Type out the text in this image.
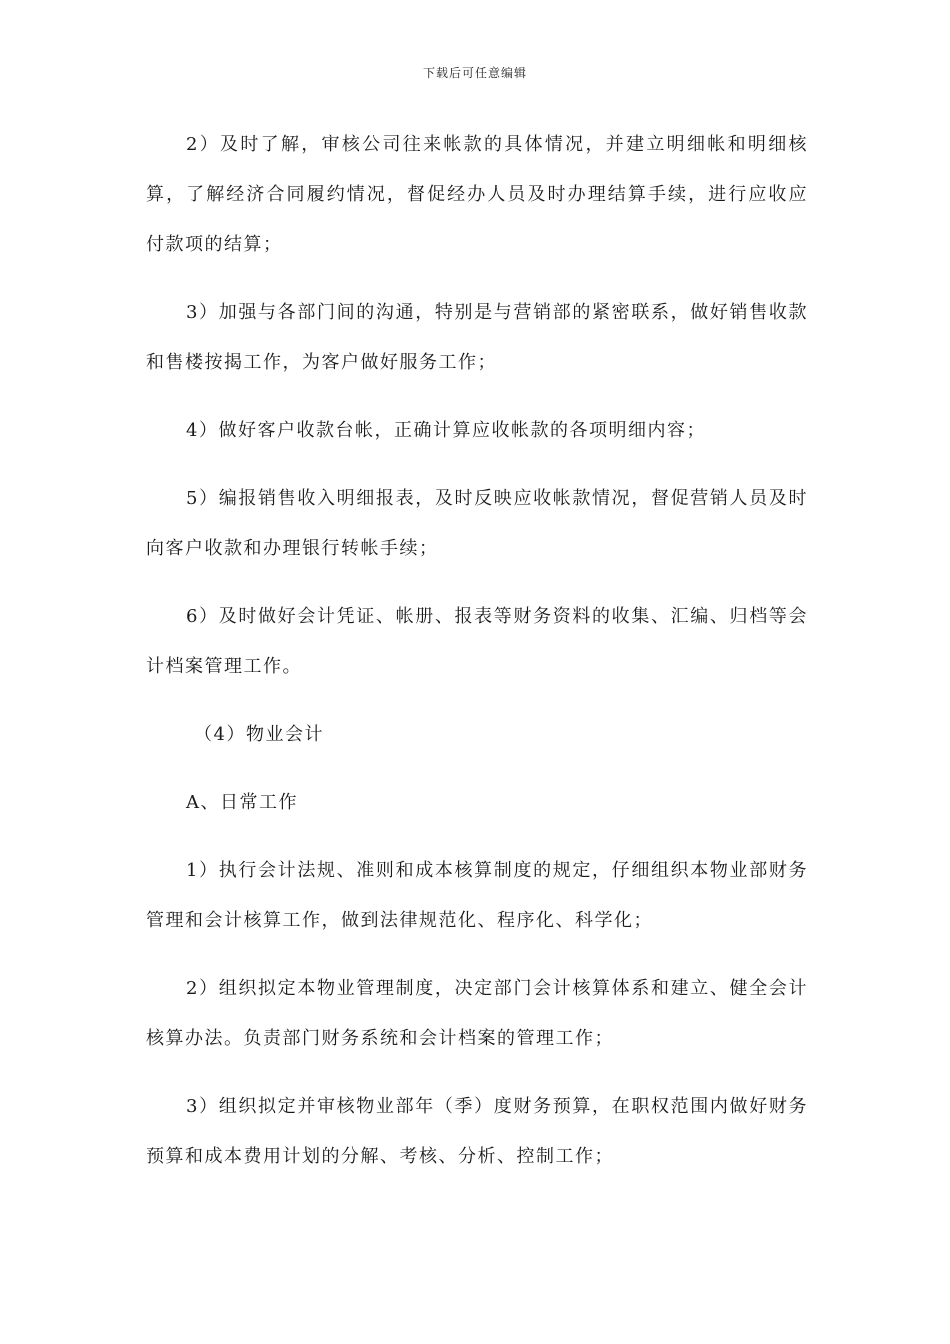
下载后可任意编辑

2）及时了解，审核公司往来帐款的具体情况，并建立明细帐和明细核算，了解经济合同履约情况，督促经办人员及时办理结算手续，进行应收应付款项的结算；

3）加强与各部门间的沟通，特别是与营销部的紧密联系，做好销售收款和售楼按揭工作，为客户做好服务工作；

4）做好客户收款台帐，正确计算应收帐款的各项明细内容；

5）编报销售收入明细报表，及时反映应收帐款情况，督促营销人员及时向客户收款和办理银行转帐手续；

6）及时做好会计凭证、帐册、报表等财务资料的收集、汇编、归档等会计档案管理工作。

（4）物业会计

A、日常工作

1）执行会计法规、准则和成本核算制度的规定，仔细组织本物业部财务管理和会计核算工作，做到法律规范化、程序化、科学化；

2）组织拟定本物业管理制度，决定部门会计核算体系和建立、健全会计核算办法。负责部门财务系统和会计档案的管理工作；

3）组织拟定并审核物业部年（季）度财务预算，在职权范围内做好财务预算和成本费用计划的分解、考核、分析、控制工作；
